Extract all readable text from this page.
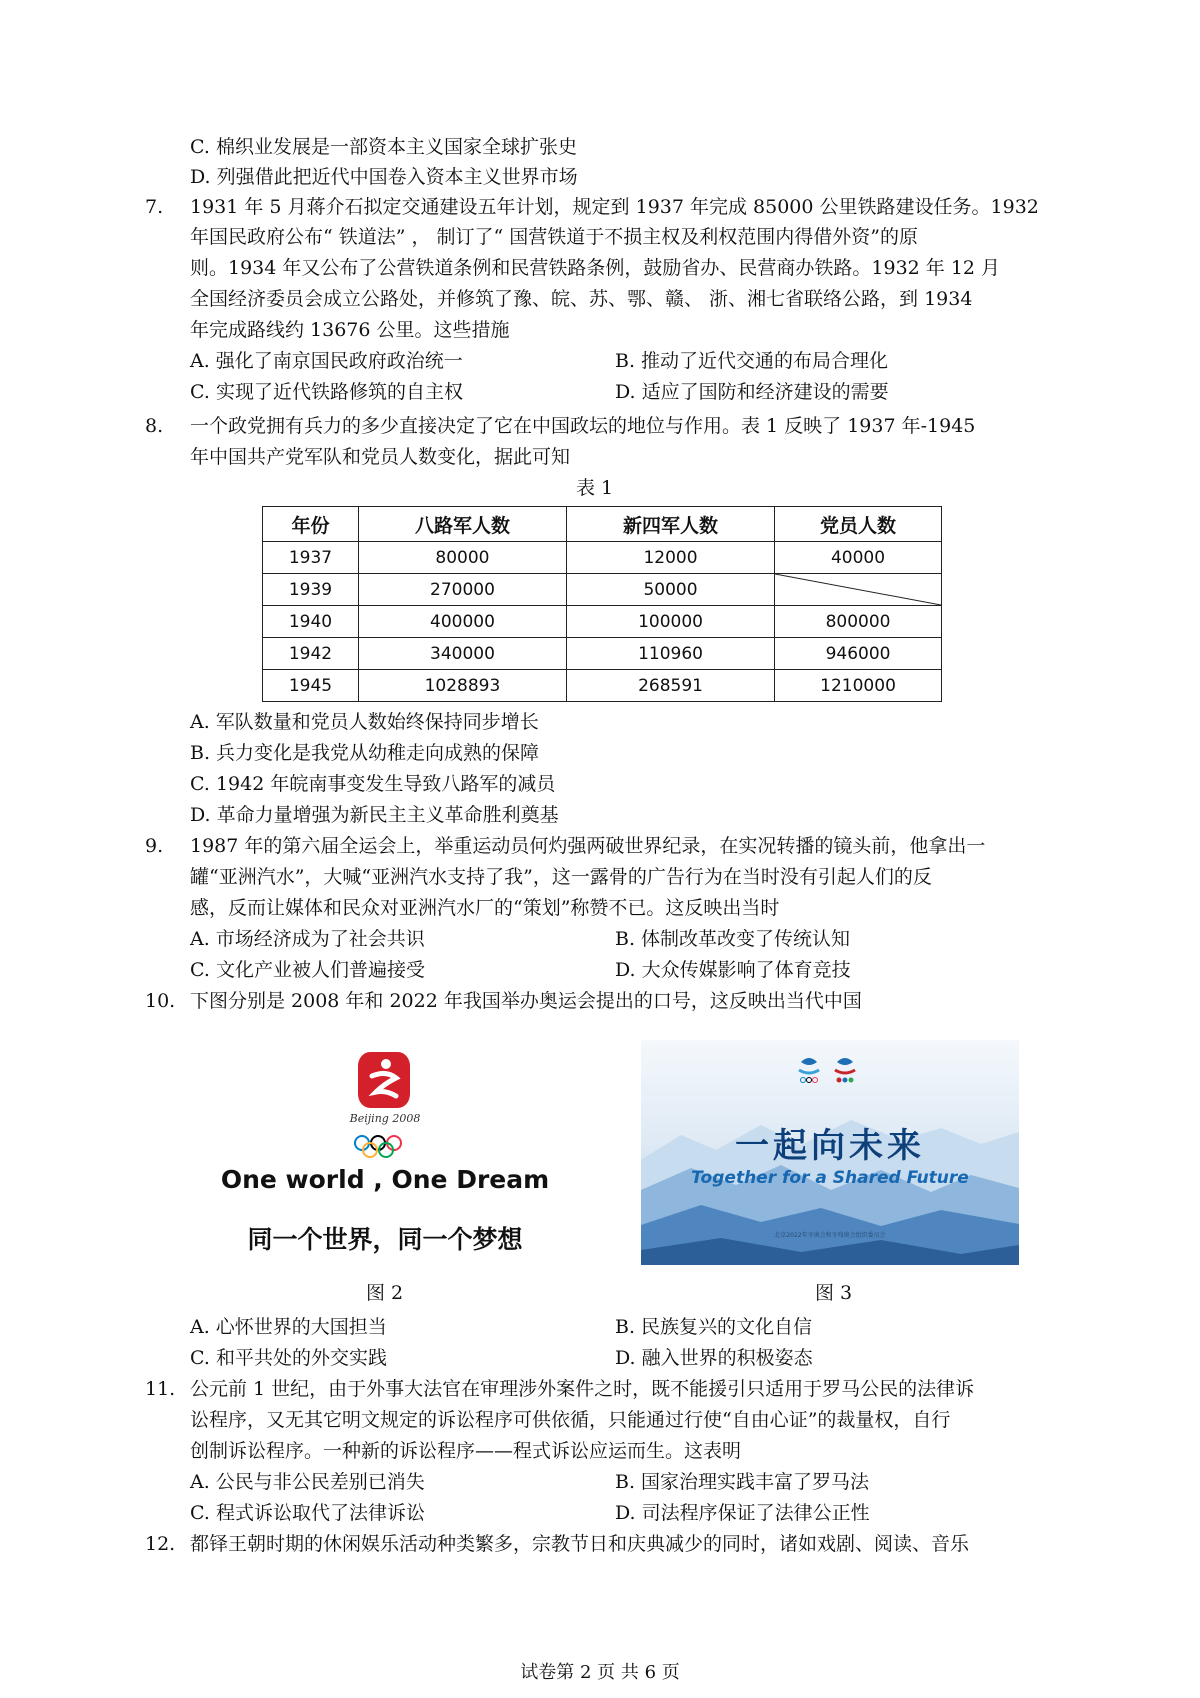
C. 棉织业发展是一部资本主义国家全球扩张史
D. 列强借此把近代中国卷入资本主义世界市场
7.	1931 年 5 月蒋介石拟定交通建设五年计划，规定到 1937 年完成 85000 公里铁路建设任务。1932
年国民政府公布“ 铁道法” ， 制订了“ 国营铁道于不损主权及利权范围内得借外资”的原
则。1934 年又公布了公营铁道条例和民营铁路条例，鼓励省办、民营商办铁路。1932 年 12 月
全国经济委员会成立公路处，并修筑了豫、皖、苏、鄂、赣、 浙、湘七省联络公路，到 1934
年完成路线约 13676 公里。这些措施
A. 强化了南京国民政府政治统一	B. 推动了近代交通的布局合理化
C. 实现了近代铁路修筑的自主权	D. 适应了国防和经济建设的需要
8.	一个政党拥有兵力的多少直接决定了它在中国政坛的地位与作用。表 1 反映了 1937 年-1945
年中国共产党军队和党员人数变化，据此可知
表 1
年份	八路军人数	新四军人数	党员人数
1937	80000	12000	40000
1939	270000	50000	

1940	400000	100000	800000
1942	340000	110960	946000
1945	1028893	268591	1210000
A. 军队数量和党员人数始终保持同步增长
B. 兵力变化是我党从幼稚走向成熟的保障
C. 1942 年皖南事变发生导致八路军的减员
D. 革命力量增强为新民主主义革命胜利奠基
9.	1987 年的第六届全运会上，举重运动员何灼强两破世界纪录，在实况转播的镜头前，他拿出一
罐“亚洲汽水”，大喊“亚洲汽水支持了我”，这一露骨的广告行为在当时没有引起人们的反
感，反而让媒体和民众对亚洲汽水厂的“策划”称赞不已。这反映出当时
A. 市场经济成为了社会共识	B. 体制改革改变了传统认知
C. 文化产业被人们普遍接受	D. 大众传媒影响了体育竞技
10. 下图分别是 2008 年和 2022 年我国举办奥运会提出的口号，这反映出当代中国
Beijing 2008
One world , One Dream
同一个世界，同一个梦想
一起向未来
Together for a Shared Future
北京2022年冬奥会和冬残奥会组织委员会
图 2	图 3
A. 心怀世界的大国担当	B. 民族复兴的文化自信
C. 和平共处的外交实践	D. 融入世界的积极姿态
11. 公元前 1 世纪，由于外事大法官在审理涉外案件之时，既不能援引只适用于罗马公民的法律诉
讼程序，又无其它明文规定的诉讼程序可供依循，只能通过行使“自由心证”的裁量权，自行
创制诉讼程序。一种新的诉讼程序——程式诉讼应运而生。这表明
A. 公民与非公民差别已消失	B. 国家治理实践丰富了罗马法
C. 程式诉讼取代了法律诉讼	D. 司法程序保证了法律公正性
12. 都铎王朝时期的休闲娱乐活动种类繁多，宗教节日和庆典减少的同时，诸如戏剧、阅读、音乐
试卷第 2 页 共 6 页
